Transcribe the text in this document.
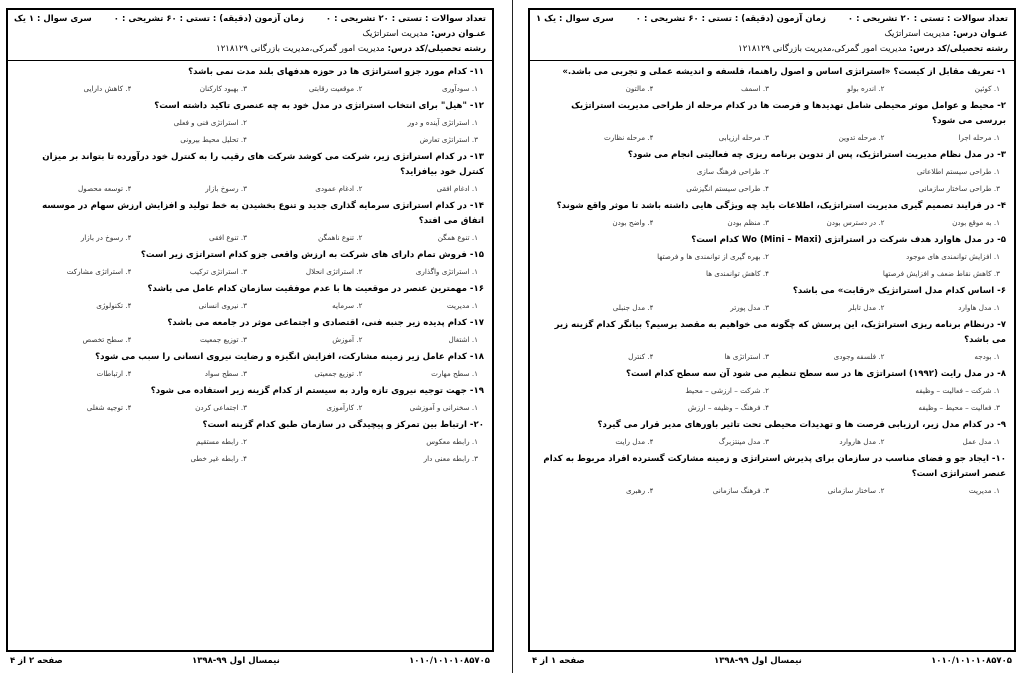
تعداد سوالات : تستی : ۲۰ تشریحی : ۰
زمان آزمون (دقیقه) : تستی : ۶۰ تشریحی : ۰
سری سوال : یک ۱
عنـوان درس: مدیریت استراتژیک
رشته تحصیلی/کد درس: مدیریت امور گمرکی،مدیریت بازرگانی ۱۲۱۸۱۲۹
۱-تعریف مقابل از کیست؟ «استراتژی اساس و اصول راهنما، فلسفه و اندیشه عملی و تجربی می باشد.»
۱. کوئین
۲. اندره بولو
۳. اسمف
۴. مالتون
۲-محیط و عوامل موثر محیطی شامل تهدیدها و فرصت ها در کدام مرحله از طراحی مدیریت استراتژیک بررسی می شود؟
۱. مرحله اجرا
۲. مرحله تدوین
۳. مرحله ارزیابی
۴. مرحله نظارت
۳-در مدل نظام مدیریت استراتژیک، پس از تدوین برنامه ریزی چه فعالیتی انجام می شود؟
۱. طراحی سیستم اطلاعاتی
۲. طراحی فرهنگ سازی
۳. طراحی ساختار سازمانی
۴. طراحی سیستم انگیزشی
۴-در فرایند تصمیم گیری مدیریت استراتژیک، اطلاعات باید چه ویژگی هایی داشته باشد تا موثر واقع شوند؟
۱. به موقع بودن
۲. در دسترس بودن
۳. منظم بودن
۴. واضح بودن
۵-در مدل هاوارد هدف شرکت در استراتژی (Mini – Maxi) Wo کدام است؟
۱. افزایش توانمندی های موجود
۲. بهره گیری از توانمندی ها و فرصتها
۳. کاهش نقاط ضعف و افزایش فرصتها
۴. کاهش توانمندی ها
۶-اساس کدام مدل استراتژیک «رقابت» می باشد؟
۱. مدل هاوارد
۲. مدل تابلر
۳. مدل پورتر
۴. مدل جنبلی
۷-درنظام برنامه ریزی استراتژیک، این پرسش که چگونه می خواهیم به مقصد برسیم؟ بیانگر کدام گزینه زیر می باشد؟
۱. بودجه
۲. فلسفه وجودی
۳. استراتژی ها
۴. کنترل
۸-در مدل رایت (۱۹۹۲) استراتژی ها در سه سطح تنظیم می شود آن سه سطح کدام است؟
۱. شرکت – فعالیت – وظیفه
۲. شرکت – ارزشی – محیط
۳. فعالیت – محیط – وظیفه
۴. فرهنگ – وظیفه – ارزش
۹-در کدام مدل زیر، ارزیابی فرصت ها و تهدیدات محیطی تحت تاثیر باورهای مدیر قرار می گیرد؟
۱. مدل عمل
۲. مدل هاروارد
۳. مدل مینتزبرگ
۴. مدل رایت
۱۰-ایجاد جو و فضای مناسب در سازمان برای پذیرش استراتژی و زمینه مشارکت گسترده افراد مربوط به کدام عنصر استراتژی است؟
۱. مدیریت
۲. ساختار سازمانی
۳. فرهنگ سازمانی
۴. رهبری
۱۰۱۰/۱۰۱۰۱۰۸۵۷۰۵
نیمسال اول ۹۹-۱۳۹۸
صفحه ۱ از ۴
تعداد سوالات : تستی : ۲۰ تشریحی : ۰
زمان آزمون (دقیقه) : تستی : ۶۰ تشریحی : ۰
سری سوال : ۱ یک
عنـوان درس: مدیریت استراتژیک
رشته تحصیلی/کد درس: مدیریت امور گمرکی،مدیریت بازرگانی ۱۲۱۸۱۲۹
۱۱-کدام مورد جزو استراتژی ها در حوزه هدفهای بلند مدت نمی باشد؟
۱. سودآوری
۲. موقعیت رقابتی
۳. بهبود کارکنان
۴. کاهش دارایی
۱۲-"هیل" برای انتخاب استراتژی در مدل خود به چه عنصری تاکید داشته است؟
۱. استراتژی آینده و دور
۲. استراتژی فنی و فعلی
۳. استراتژی تعارض
۴. تحلیل محیط بیرونی
۱۳-در کدام استراتژی زیر، شرکت می کوشد شرکت های رقیب را به کنترل خود درآورده تا بتواند بر میزان کنترل خود بیافزاید؟
۱. ادغام افقی
۲. ادغام عمودی
۳. رسوخ بازار
۴. توسعه محصول
۱۴-در کدام استراتژی سرمایه گذاری جدید و تنوع بخشیدن به خط تولید و افزایش ارزش سهام در موسسه اتفاق می افتد؟
۱. تنوع همگن
۲. تنوع ناهمگن
۳. تنوع افقی
۴. رسوخ در بازار
۱۵-فروش تمام دارای های شرکت به ارزش واقعی جزو کدام استراتژی زیر است؟
۱. استراتژی واگذاری
۲. استراتژی انحلال
۳. استراتژی ترکیب
۴. استراتژی مشارکت
۱۶-مهمترین عنصر در موقعیت ها با عدم موفقیت سازمان کدام عامل می باشد؟
۱. مدیریت
۲. سرمایه
۳. نیروی انسانی
۴. تکنولوژی
۱۷-کدام پدیده زیر جنبه فنی، اقتصادی و اجتماعی موثر در جامعه می باشد؟
۱. اشتغال
۲. آموزش
۳. توزیع جمعیت
۴. سطح تخصص
۱۸-کدام عامل زیر زمینه مشارکت، افزایش انگیزه و رضایت نیروی انسانی را سبب می شود؟
۱. سطح مهارت
۲. توزیع جمعیتی
۳. سطح سواد
۴. ارتباطات
۱۹-جهت توجیه نیروی تازه وارد به سیستم از کدام گزینه زیر استفاده می شود؟
۱. سخنرانی و آموزشی
۲. کارآموزی
۳. اجتماعی کردن
۴. توجیه شغلی
۲۰-ارتباط بین تمرکز و پیچیدگی در سازمان طبق کدام گزینه است؟
۱. رابطه معکوس
۲. رابطه مستقیم
۳. رابطه معنی دار
۴. رابطه غیر خطی
۱۰۱۰/۱۰۱۰۱۰۸۵۷۰۵
نیمسال اول ۹۹-۱۳۹۸
صفحه ۲ از ۴
